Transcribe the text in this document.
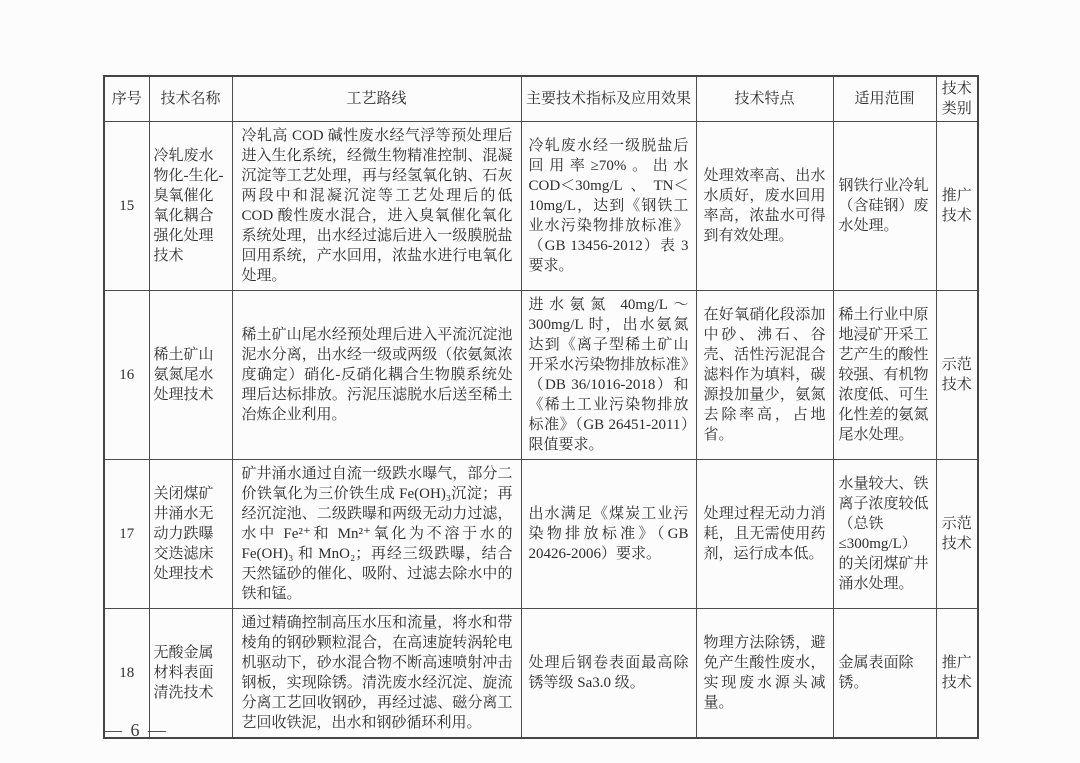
序号	技术名称	工艺路线	主要技术指标及应用效果	技术特点	适用范围	技术类别
15	冷轧废水物化-生化-臭氧催化氧化耦合强化处理技术	冷轧高 COD 碱性废水经气浮等预处理后进入生化系统，经微生物精准控制、混凝沉淀等工艺处理，再与经氢氧化钠、石灰两段中和混凝沉淀等工艺处理后的低 COD 酸性废水混合，进入臭氧催化氧化系统处理，出水经过滤后进入一级膜脱盐回用系统，产水回用，浓盐水进行电氧化处理。	冷轧废水经一级脱盐后回用率≥70%。出水 COD＜30mg/L、TN＜10mg/L，达到《钢铁工业水污染物排放标准》（GB 13456-2012）表 3 要求。	处理效率高、出水水质好，废水回用率高，浓盐水可得到有效处理。	钢铁行业冷轧（含硅钢）废水处理。	推广技术
16	稀土矿山氨氮尾水处理技术	稀土矿山尾水经预处理后进入平流沉淀池泥水分离，出水经一级或两级（依氨氮浓度确定）硝化-反硝化耦合生物膜系统处理后达标排放。污泥压滤脱水后送至稀土冶炼企业利用。	进水氨氮 40mg/L～300mg/L 时，出水氨氮达到《离子型稀土矿山开采水污染物排放标准》（DB 36/1016-2018）和《稀土工业污染物排放标准》（GB 26451-2011）限值要求。	在好氧硝化段添加中砂、沸石、谷壳、活性污泥混合滤料作为填料，碳源投加量少，氨氮去除率高，占地省。	稀土行业中原地浸矿开采工艺产生的酸性较强、有机物浓度低、可生化性差的氨氮尾水处理。	示范技术
17	关闭煤矿井涌水无动力跌曝交迭滤床处理技术	矿井涌水通过自流一级跌水曝气，部分二价铁氧化为三价铁生成 Fe(OH)₃沉淀；再经沉淀池、二级跌曝和两级无动力过滤，水中 Fe²⁺和 Mn²⁺氧化为不溶于水的 Fe(OH)₃ 和 MnO₂；再经三级跌曝，结合天然锰砂的催化、吸附、过滤去除水中的铁和锰。	出水满足《煤炭工业污染物排放标准》（GB 20426-2006）要求。	处理过程无动力消耗，且无需使用药剂，运行成本低。	水量较大、铁离子浓度较低（总铁≤300mg/L）的关闭煤矿井涌水处理。	示范技术
18	无酸金属材料表面清洗技术	通过精确控制高压水压和流量，将水和带棱角的钢砂颗粒混合，在高速旋转涡轮电机驱动下，砂水混合物不断高速喷射冲击钢板，实现除锈。清洗废水经沉淀、旋流分离工艺回收钢砂，再经过滤、磁分离工艺回收铁泥，出水和钢砂循环利用。	处理后钢卷表面最高除锈等级 Sa3.0 级。	物理方法除锈，避免产生酸性废水，实现废水源头减量。	金属表面除锈。	推广技术
— 6 —
